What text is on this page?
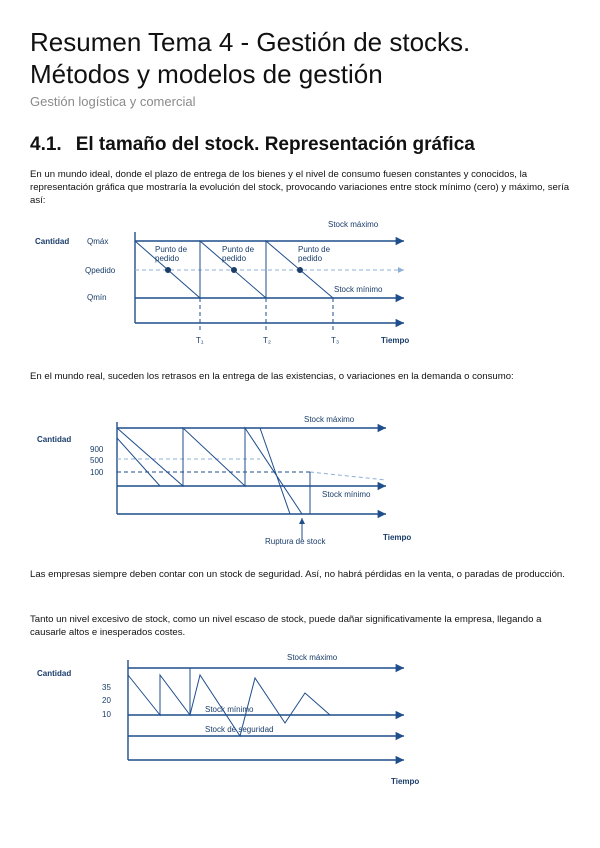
Resumen Tema 4 - Gestión de stocks.
Métodos y modelos de gestión

Gestión logística y comercial

4.1. El tamaño del stock. Representación gráfica

En un mundo ideal, donde el plazo de entrega de los bienes y el nivel de consumo fuesen constantes y conocidos, la representación gráfica que mostraría la evolución del stock, provocando variaciones entre stock mínimo (cero) y máximo, sería así:

Cantidad Qmáx
Qpedido
Qmín
Stock máximo
Stock mínimo
Punto de
pedido
Punto de
pedido
Punto de
pedido
T₁	T₂	T₃	Tiempo

En el mundo real, suceden los retrasos en la entrega de las existencias, o variaciones en la demanda o consumo:

Cantidad
900
500
100
Stock máximo
Stock mínimo
Ruptura de stock	Tiempo

Las empresas siempre deben contar con un stock de seguridad. Así, no habrá pérdidas en la venta, o paradas de producción.

Tanto un nivel excesivo de stock, como un nivel escaso de stock, puede dañar significativamente la empresa, llegando a causarle altos e inesperados costes.

Cantidad
35
20
10
Stock máximo
Stock mínimo
Stock de seguridad
Tiempo
